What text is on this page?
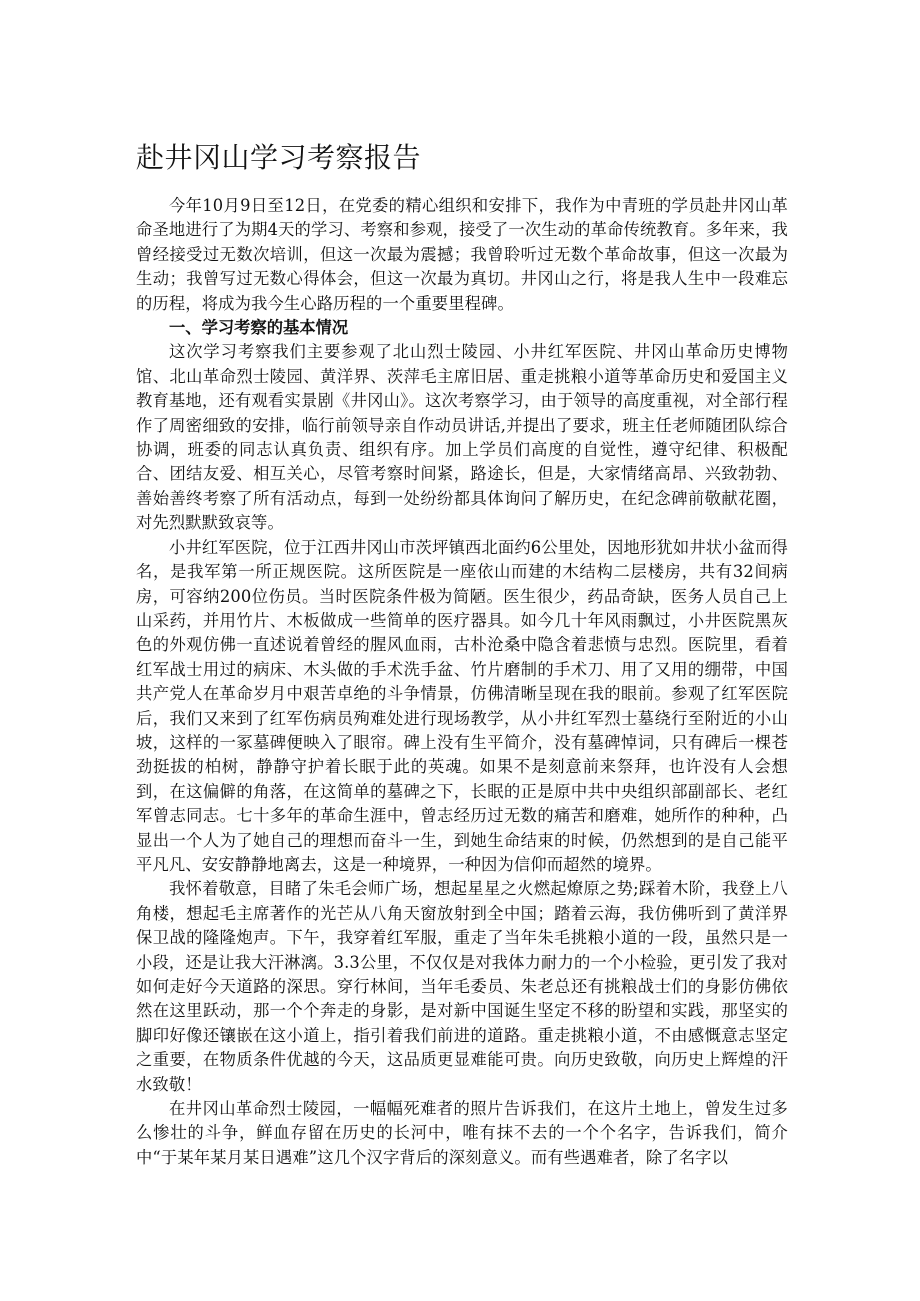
赴井冈山学习考察报告

今年10月9日至12日，在党委的精心组织和安排下，我作为中青班的学员赴井冈山革命圣地进行了为期4天的学习、考察和参观，接受了一次生动的革命传统教育。多年来，我曾经接受过无数次培训，但这一次最为震撼；我曾聆听过无数个革命故事，但这一次最为生动；我曾写过无数心得体会，但这一次最为真切。井冈山之行，将是我人生中一段难忘的历程，将成为我今生心路历程的一个重要里程碑。

一、学习考察的基本情况

这次学习考察我们主要参观了北山烈士陵园、小井红军医院、井冈山革命历史博物馆、北山革命烈士陵园、黄洋界、茨萍毛主席旧居、重走挑粮小道等革命历史和爱国主义教育基地，还有观看实景剧《井冈山》。这次考察学习，由于领导的高度重视，对全部行程作了周密细致的安排，临行前领导亲自作动员讲话,并提出了要求，班主任老师随团队综合协调，班委的同志认真负责、组织有序。加上学员们高度的自觉性，遵守纪律、积极配合、团结友爱、相互关心，尽管考察时间紧，路途长，但是，大家情绪高昂、兴致勃勃、善始善终考察了所有活动点，每到一处纷纷都具体询问了解历史，在纪念碑前敬献花圈，对先烈默默致哀等。

小井红军医院，位于江西井冈山市茨坪镇西北面约6公里处，因地形犹如井状小盆而得名，是我军第一所正规医院。这所医院是一座依山而建的木结构二层楼房，共有32间病房，可容纳200位伤员。当时医院条件极为简陋。医生很少，药品奇缺，医务人员自己上山采药，并用竹片、木板做成一些简单的医疗器具。如今几十年风雨飘过，小井医院黑灰色的外观仿佛一直述说着曾经的腥风血雨，古朴沧桑中隐含着悲愤与忠烈。医院里，看着红军战士用过的病床、木头做的手术洗手盆、竹片磨制的手术刀、用了又用的绷带，中国共产党人在革命岁月中艰苦卓绝的斗争情景，仿佛清晰呈现在我的眼前。参观了红军医院后，我们又来到了红军伤病员殉难处进行现场教学，从小井红军烈士墓绕行至附近的小山坡，这样的一冢墓碑便映入了眼帘。碑上没有生平简介，没有墓碑悼词，只有碑后一棵苍劲挺拔的柏树，静静守护着长眠于此的英魂。如果不是刻意前来祭拜，也许没有人会想到，在这偏僻的角落，在这简单的墓碑之下，长眠的正是原中共中央组织部副部长、老红军曾志同志。七十多年的革命生涯中，曾志经历过无数的痛苦和磨难，她所作的种种，凸显出一个人为了她自己的理想而奋斗一生，到她生命结束的时候，仍然想到的是自己能平平凡凡、安安静静地离去，这是一种境界，一种因为信仰而超然的境界。

我怀着敬意，目睹了朱毛会师广场，想起星星之火燃起燎原之势;踩着木阶，我登上八角楼，想起毛主席著作的光芒从八角天窗放射到全中国；踏着云海，我仿佛听到了黄洋界保卫战的隆隆炮声。下午，我穿着红军服，重走了当年朱毛挑粮小道的一段，虽然只是一小段，还是让我大汗淋漓。3.3公里，不仅仅是对我体力耐力的一个小检验，更引发了我对如何走好今天道路的深思。穿行林间，当年毛委员、朱老总还有挑粮战士们的身影仿佛依然在这里跃动，那一个个奔走的身影，是对新中国诞生坚定不移的盼望和实践，那坚实的脚印好像还镶嵌在这小道上，指引着我们前进的道路。重走挑粮小道，不由感慨意志坚定之重要，在物质条件优越的今天，这品质更显难能可贵。向历史致敬，向历史上辉煌的汗水致敬！

在井冈山革命烈士陵园，一幅幅死难者的照片告诉我们，在这片土地上，曾发生过多么惨壮的斗争，鲜血存留在历史的长河中，唯有抹不去的一个个名字，告诉我们，简介中“于某年某月某日遇难”这几个汉字背后的深刻意义。而有些遇难者，除了名字以
